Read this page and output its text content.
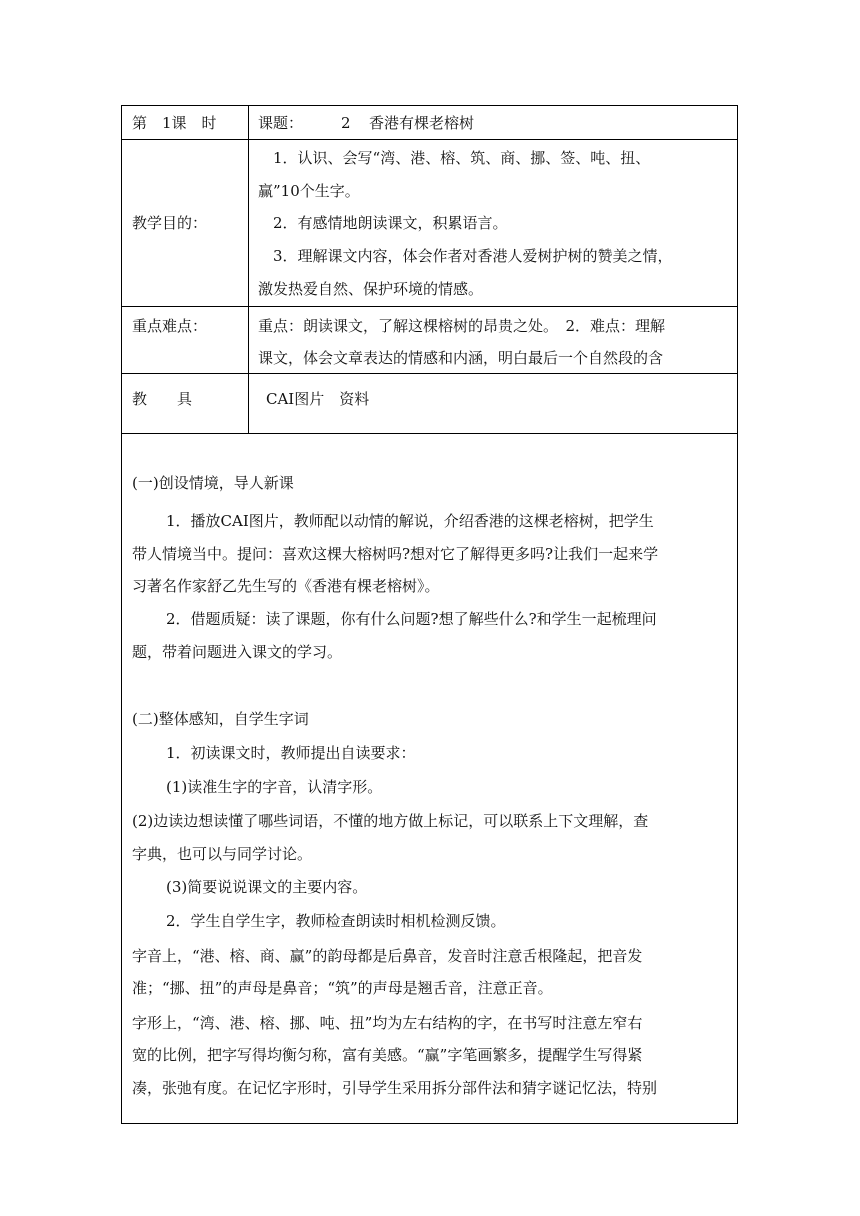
第　1课　时	课题：	2 香港有棵老榕树
教学目的：
1．认识、会写“湾、港、榕、筑、商、挪、签、吨、扭、
赢”10个生字。
2．有感情地朗读课文，积累语言。
3．理解课文内容，体会作者对香港人爱树护树的赞美之情，
激发热爱自然、保护环境的情感。
重点难点：	重点：朗读课文，了解这棵榕树的昂贵之处。　2．难点：理解
课文，体会文章表达的情感和内涵，明白最后一个自然段的含
教　　具	CAI图片　资料
(一)创设情境，导人新课
1．播放CAI图片，教师配以动情的解说，介绍香港的这棵老榕树，把学生
带人情境当中。提问：喜欢这棵大榕树吗?想对它了解得更多吗?让我们一起来学
习著名作家舒乙先生写的《香港有棵老榕树》。
2．借题质疑：读了课题，你有什么问题?想了解些什么?和学生一起梳理问
题，带着问题进入课文的学习。
(二)整体感知，自学生字词
1．初读课文时，教师提出自读要求：
(1)读准生字的字音，认清字形。
(2)边读边想读懂了哪些词语，不懂的地方做上标记，可以联系上下文理解，查
字典，也可以与同学讨论。
(3)简要说说课文的主要内容。
2．学生自学生字，教师检查朗读时相机检测反馈。
字音上，“港、榕、商、赢”的韵母都是后鼻音，发音时注意舌根隆起，把音发
准；“挪、扭”的声母是鼻音；“筑”的声母是翘舌音，注意正音。
字形上，“湾、港、榕、挪、吨、扭”均为左右结构的字，在书写时注意左窄右
宽的比例，把字写得均衡匀称，富有美感。“赢”字笔画繁多，提醒学生写得紧
凑，张弛有度。在记忆字形时，引导学生采用拆分部件法和猜字谜记忆法，特别
